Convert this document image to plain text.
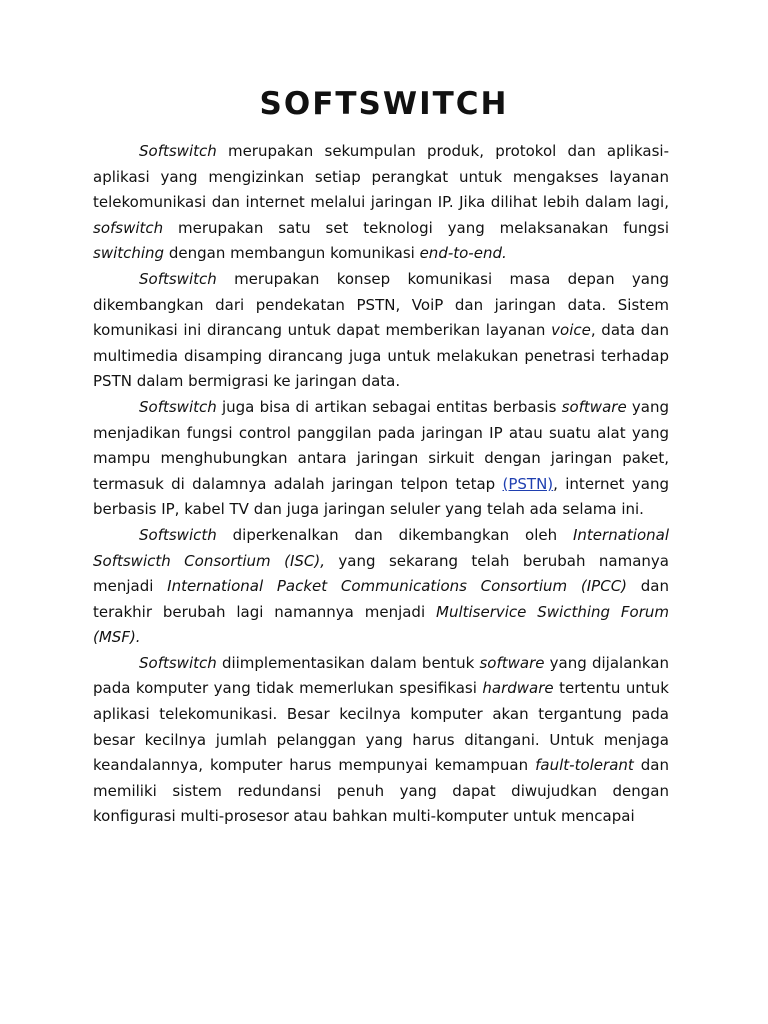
SOFTSWITCH

Softswitch merupakan sekumpulan produk, protokol dan aplikasi-aplikasi yang mengizinkan setiap perangkat untuk mengakses layanan telekomunikasi dan internet melalui jaringan IP. Jika dilihat lebih dalam lagi, sofswitch merupakan satu set teknologi yang melaksanakan fungsi switching dengan membangun komunikasi end-to-end.

Softswitch merupakan konsep komunikasi masa depan yang dikembangkan dari pendekatan PSTN, VoiP dan jaringan data. Sistem komunikasi ini dirancang untuk dapat memberikan layanan voice, data dan multimedia disamping dirancang juga untuk melakukan penetrasi terhadap PSTN dalam bermigrasi ke jaringan data.

Softswitch juga bisa di artikan sebagai entitas berbasis software yang menjadikan fungsi control panggilan pada jaringan IP atau suatu alat yang mampu menghubungkan antara jaringan sirkuit dengan jaringan paket, termasuk di dalamnya adalah jaringan telpon tetap (PSTN), internet yang berbasis IP, kabel TV dan juga jaringan seluler yang telah ada selama ini.

Softswicth diperkenalkan dan dikembangkan oleh International Softswicth Consortium (ISC), yang sekarang telah berubah namanya menjadi International Packet Communications Consortium (IPCC) dan terakhir berubah lagi namannya menjadi Multiservice Swicthing Forum (MSF).

Softswitch diimplementasikan dalam bentuk software yang dijalankan pada komputer yang tidak memerlukan spesifikasi hardware tertentu untuk aplikasi telekomunikasi. Besar kecilnya komputer akan tergantung pada besar kecilnya jumlah pelanggan yang harus ditangani. Untuk menjaga keandalannya, komputer harus mempunyai kemampuan fault-tolerant dan memiliki sistem redundansi penuh yang dapat diwujudkan dengan konfigurasi multi-prosesor atau bahkan multi-komputer untuk mencapai
